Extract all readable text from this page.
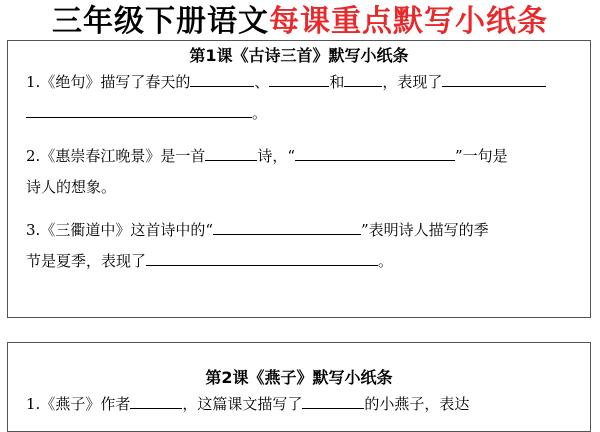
三年级下册语文每课重点默写小纸条
第1课《古诗三首》默写小纸条
1.《绝句》描写了春天的	、	和	，表现了
。
2.《惠崇春江晚景》是一首	诗，“	”一句是
诗人的想象。
3.《三衢道中》这首诗中的“	”表明诗人描写的季
节是夏季，表现了	。
第2课《燕子》默写小纸条
1.《燕子》作者	，这篇课文描写了	的小燕子，表达
